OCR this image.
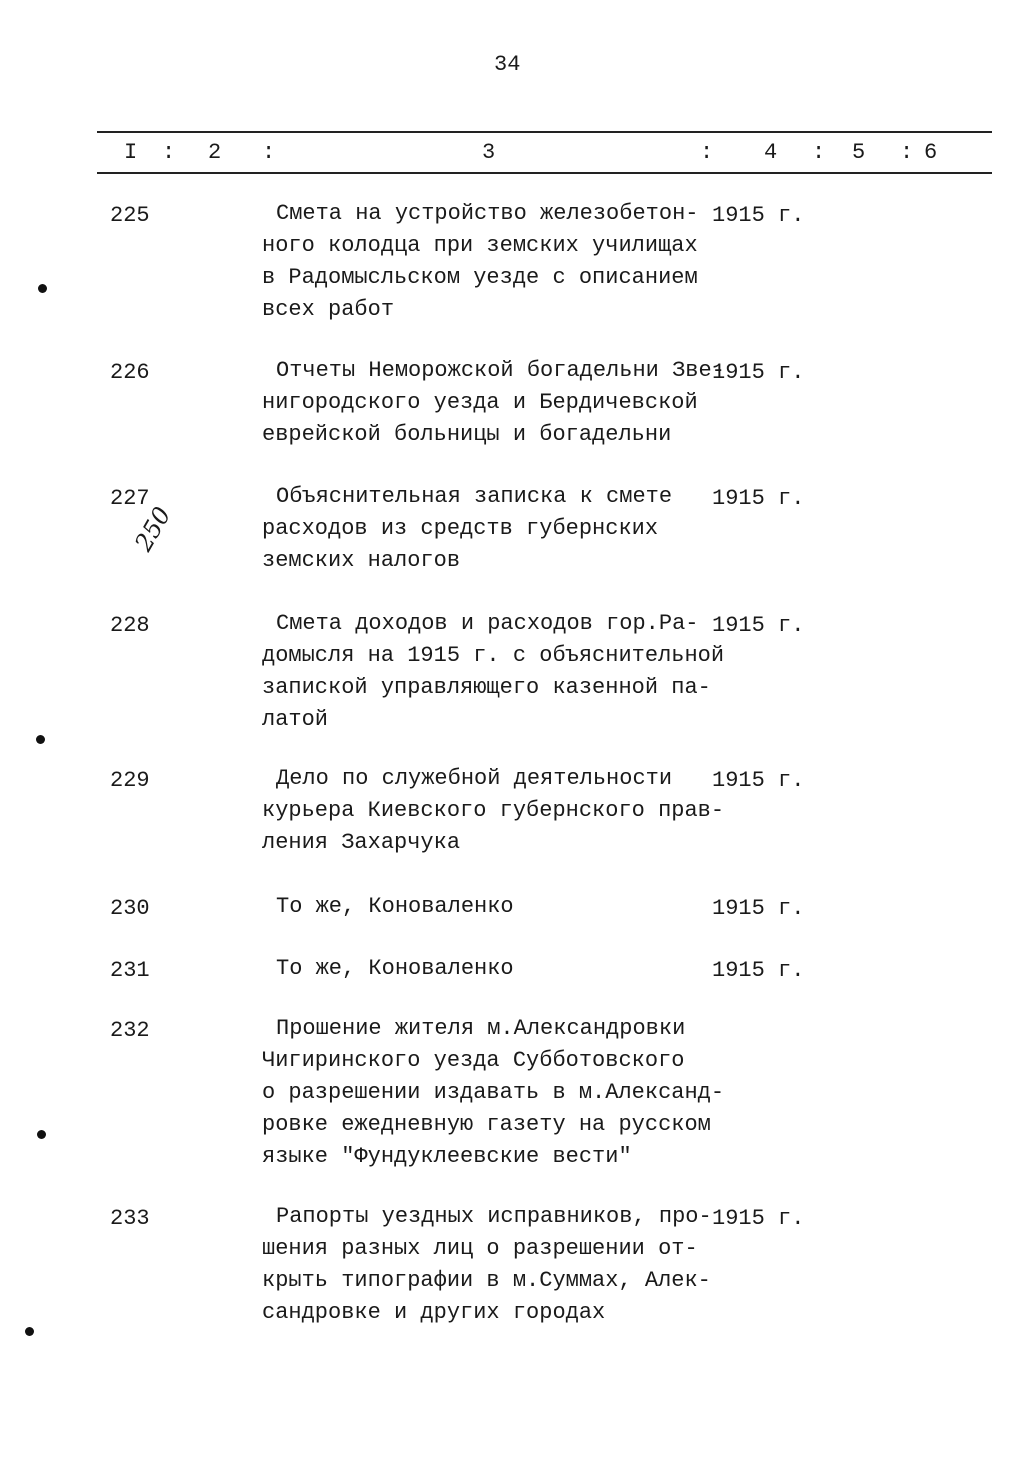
34
I : 2 :	3	: 4 : 5 : 6
225	Смета на устройство железобетон-
ного колодца при земских училищах
в Радомысльском уезде с описанием
всех работ
1915 г.
226	Отчеты Неморожской богадельни Зве-
нигородского уезда и Бердичевской
еврейской больницы и богадельни
1915 г.
227	Объяснительная записка к смете
расходов из средств губернских
земских налогов
1915 г.
228	Смета доходов и расходов гор.Ра-
домысля на 1915 г. с объяснительной
запиской управляющего казенной па-
латой
1915 г.
229	Дело по служебной деятельности
курьера Киевского губернского прав-
ления Захарчука
1915 г.
230	То же, Коноваленко	1915 г.
231	То же, Коноваленко	1915 г.
232	Прошение жителя м.Александровки
Чигиринского уезда Субботовского
о разрешении издавать в м.Александ-
ровке ежедневную газету на русском
языке "Фундуклеевские вести"
233	Рапорты уездных исправников, про-
шения разных лиц о разрешении от-
крыть типографии в м.Суммах, Алек-
сандровке и других городах
1915 г.
250
